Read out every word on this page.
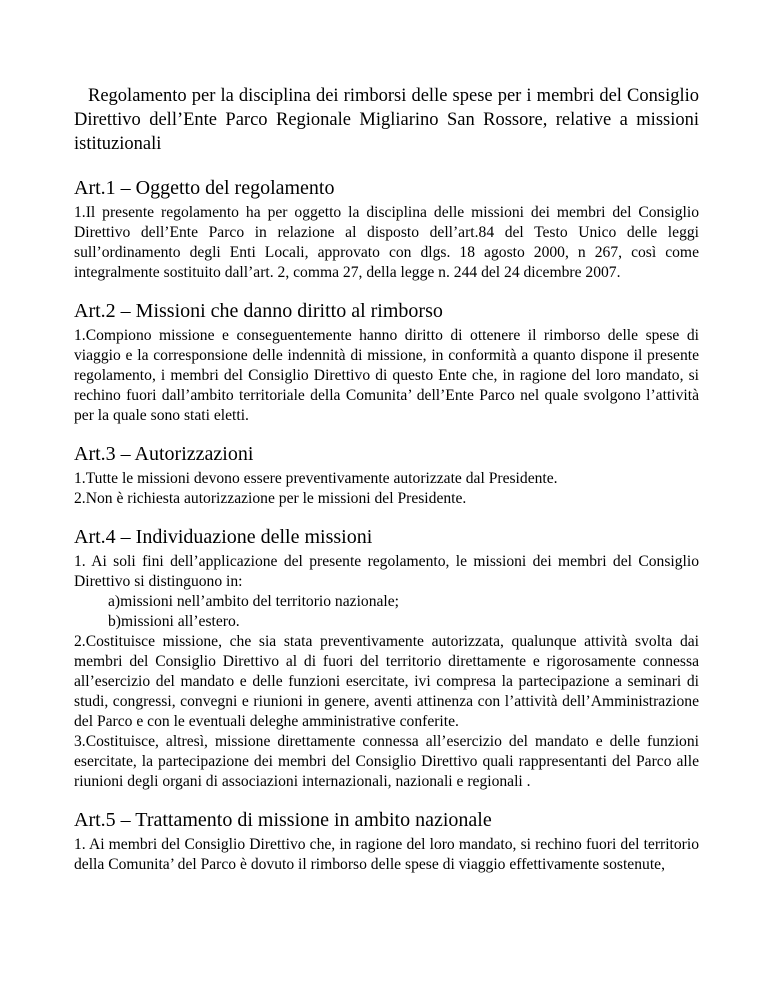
Regolamento per la disciplina dei rimborsi delle spese per i membri del Consiglio Direttivo dell’Ente Parco Regionale Migliarino San Rossore, relative a missioni istituzionali

Art.1 – Oggetto del regolamento

1.Il presente regolamento ha per oggetto la disciplina delle missioni dei membri del Consiglio Direttivo dell’Ente Parco in relazione al disposto dell’art.84 del Testo Unico delle leggi sull’ordinamento degli Enti Locali, approvato con dlgs. 18 agosto 2000, n 267, così come integralmente sostituito dall’art. 2, comma 27, della legge n. 244 del 24 dicembre 2007.

Art.2 – Missioni che danno diritto al rimborso

1.Compiono missione e conseguentemente hanno diritto di ottenere il rimborso delle spese di viaggio e la corresponsione delle indennità di missione, in conformità a quanto dispone il presente regolamento, i membri del Consiglio Direttivo di questo Ente che, in ragione del loro mandato, si rechino fuori dall’ambito territoriale della Comunita’ dell’Ente Parco nel quale svolgono l’attività per la quale sono stati eletti.

Art.3 – Autorizzazioni

1.Tutte le missioni devono essere preventivamente autorizzate dal Presidente.

2.Non è richiesta autorizzazione per le missioni del Presidente.

Art.4 – Individuazione delle missioni

1. Ai soli fini dell’applicazione del presente regolamento, le missioni dei membri del Consiglio Direttivo si distinguono in:

a)missioni nell’ambito del territorio nazionale;

b)missioni all’estero.

2.Costituisce missione, che sia stata preventivamente autorizzata, qualunque attività svolta dai membri del Consiglio Direttivo al di fuori del territorio direttamente e rigorosamente connessa all’esercizio del mandato e delle funzioni esercitate, ivi compresa la partecipazione a seminari di studi, congressi, convegni e riunioni in genere, aventi attinenza con l’attività dell’Amministrazione del Parco e con le eventuali deleghe amministrative conferite.

3.Costituisce, altresì, missione direttamente connessa all’esercizio del mandato e delle funzioni esercitate, la partecipazione dei membri del Consiglio Direttivo quali rappresentanti del Parco alle riunioni degli organi di associazioni internazionali, nazionali e regionali .

Art.5 – Trattamento di missione in ambito nazionale

1. Ai membri del Consiglio Direttivo che, in ragione del loro mandato, si rechino fuori del territorio della Comunita’ del Parco è dovuto il rimborso delle spese di viaggio effettivamente sostenute,
